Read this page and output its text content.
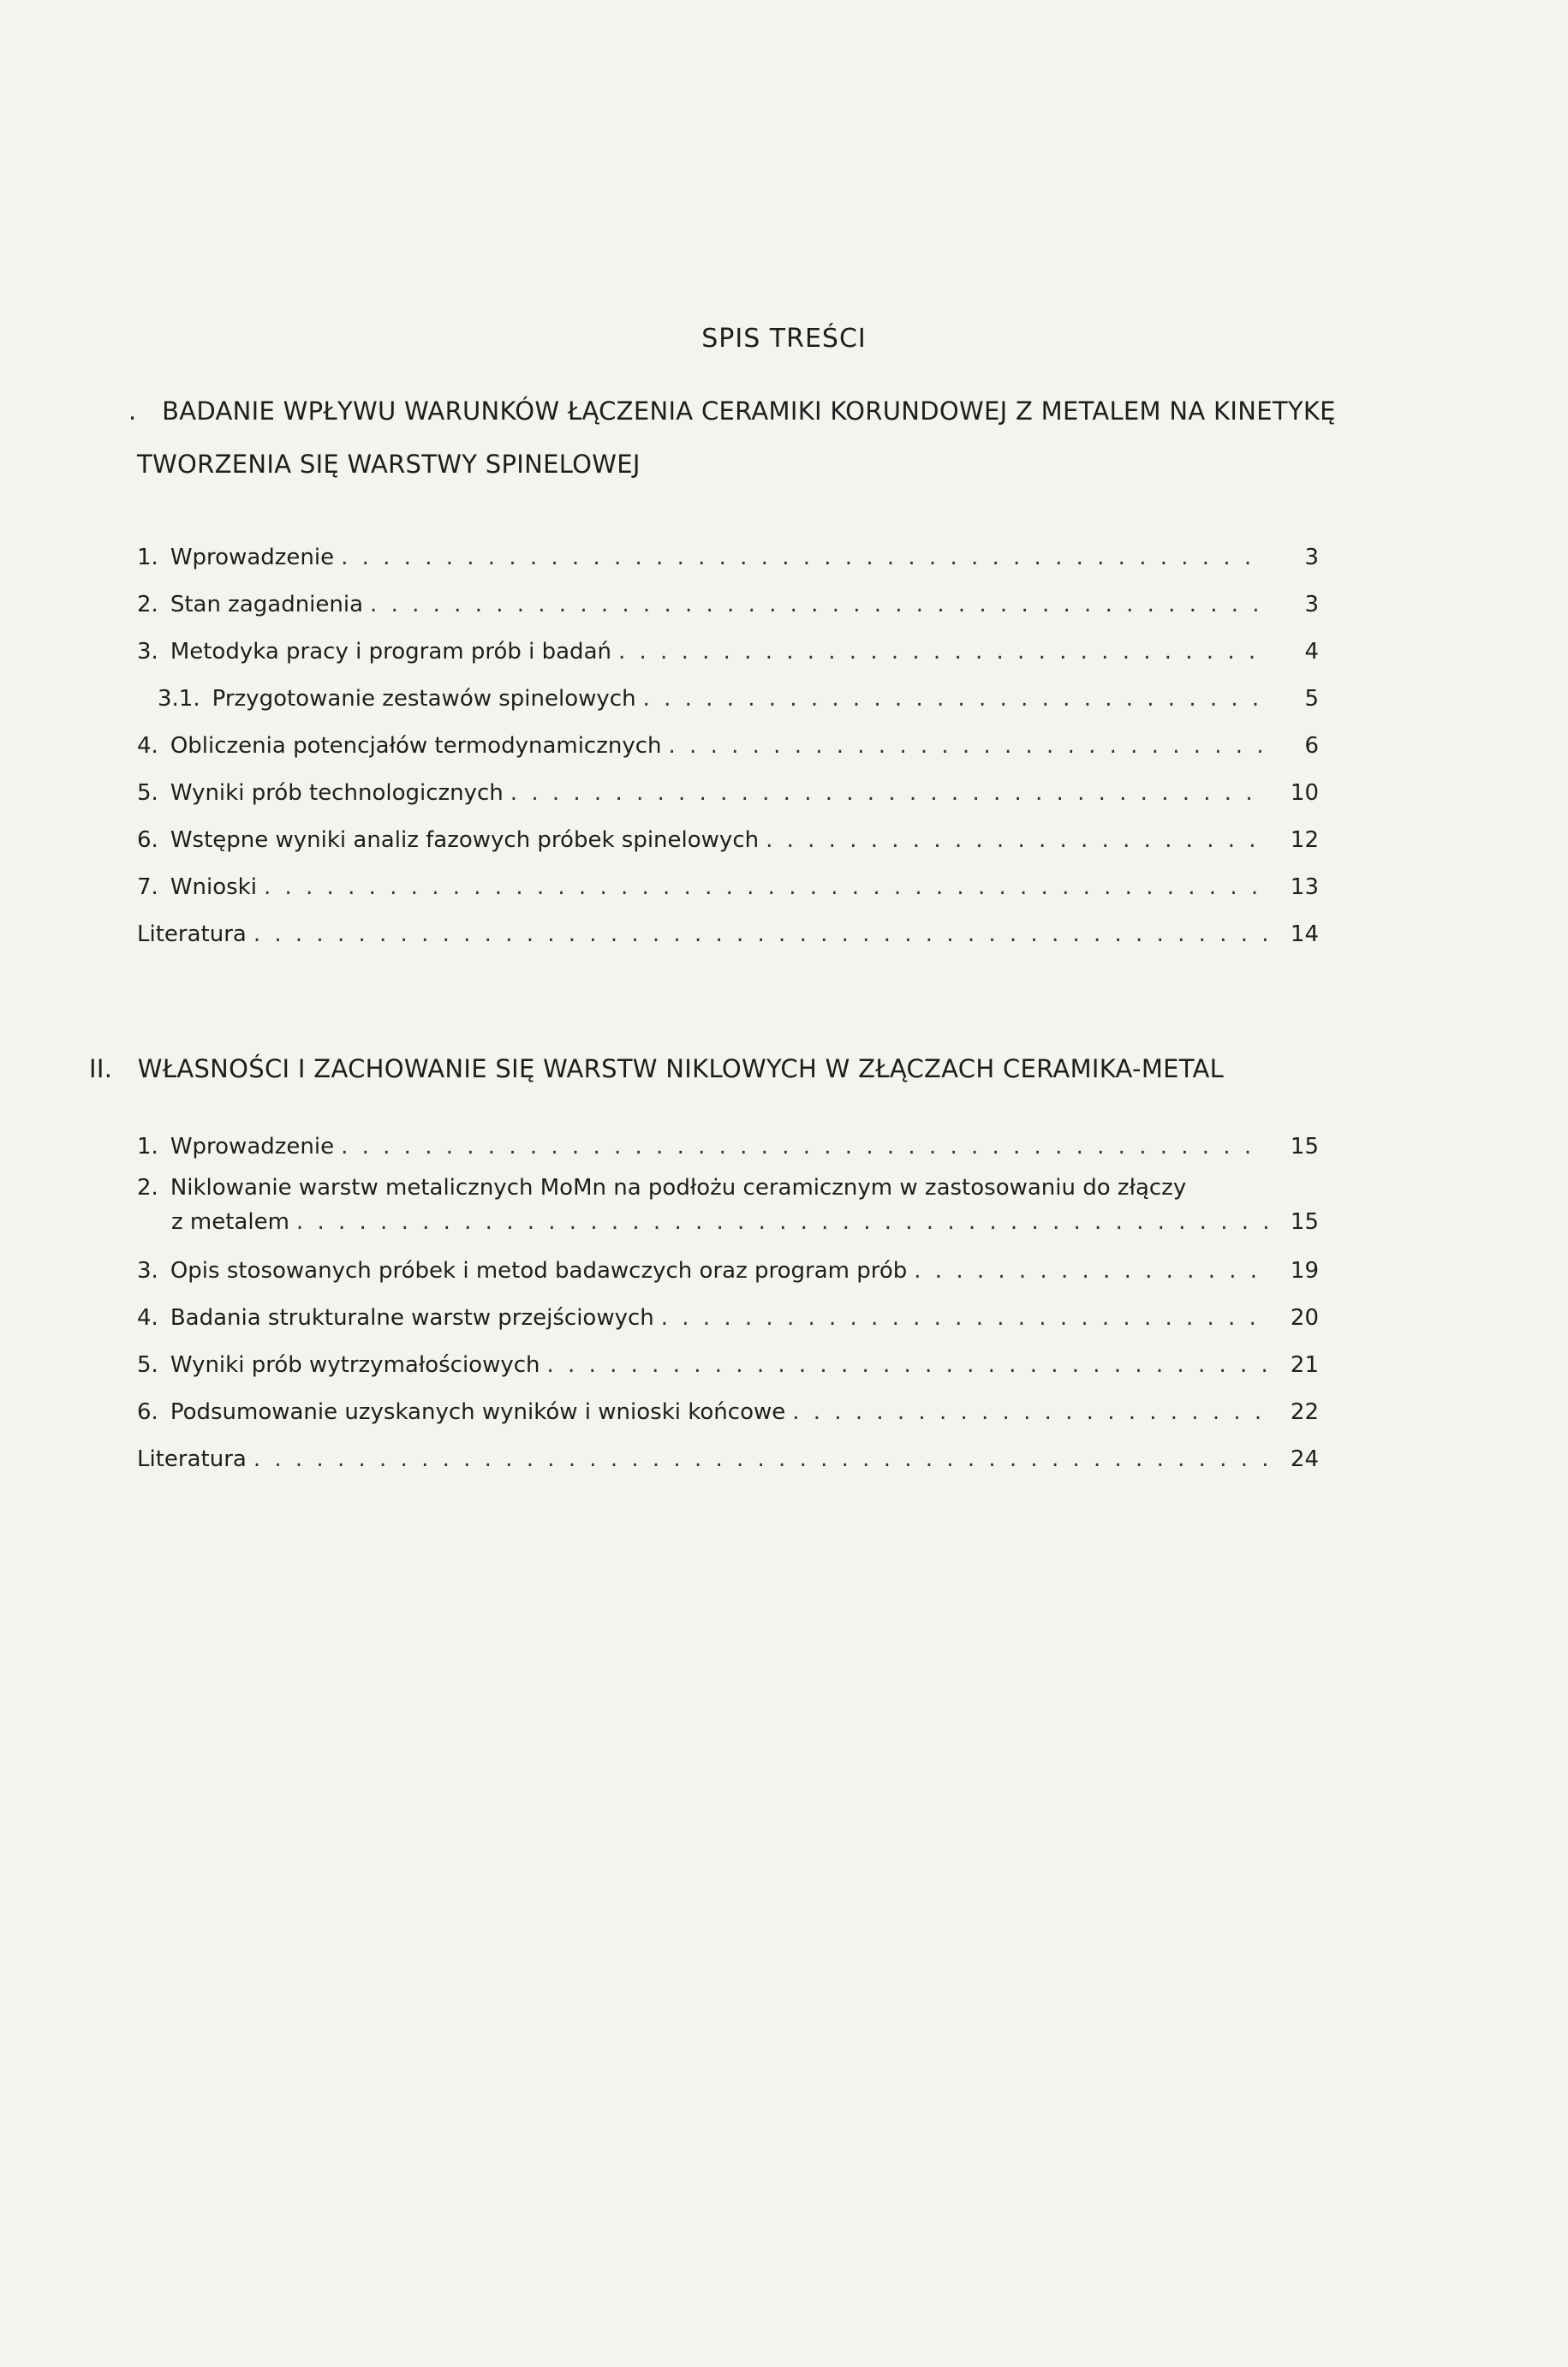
SPIS TREŚCI
. BADANIE WPŁYWU WARUNKÓW ŁĄCZENIA CERAMIKI KORUNDOWEJ Z METALEM NA KINETYKĘ
TWORZENIA SIĘ WARSTWY SPINELOWEJ
1. Wprowadzenie . . .	3
2. Stan zagadnienia . . .	3
3. Metodyka pracy i program prób i badań . . .	4
3.1. Przygotowanie zestawów spinelowych . . .	5
4. Obliczenia potencjałów termodynamicznych . . .	6
5. Wyniki prób technologicznych . . .	10
6. Wstępne wyniki analiz fazowych próbek spinelowych . . .	12
7. Wnioski . . .	13
Literatura . . .	14
II. WŁASNOŚCI I ZACHOWANIE SIĘ WARSTW NIKLOWYCH W ZŁĄCZACH CERAMIKA-METAL
1. Wprowadzenie . . .	15
2. Niklowanie warstw metalicznych MoMn na podłożu ceramicznym w zastosowaniu do złączy
z metalem . . .	15
3. Opis stosowanych próbek i metod badawczych oraz program prób . . .	19
4. Badania strukturalne warstw przejściowych . . .	20
5. Wyniki prób wytrzymałościowych . . .	21
6. Podsumowanie uzyskanych wyników i wnioski końcowe . . .	22
Literatura . . .	24
